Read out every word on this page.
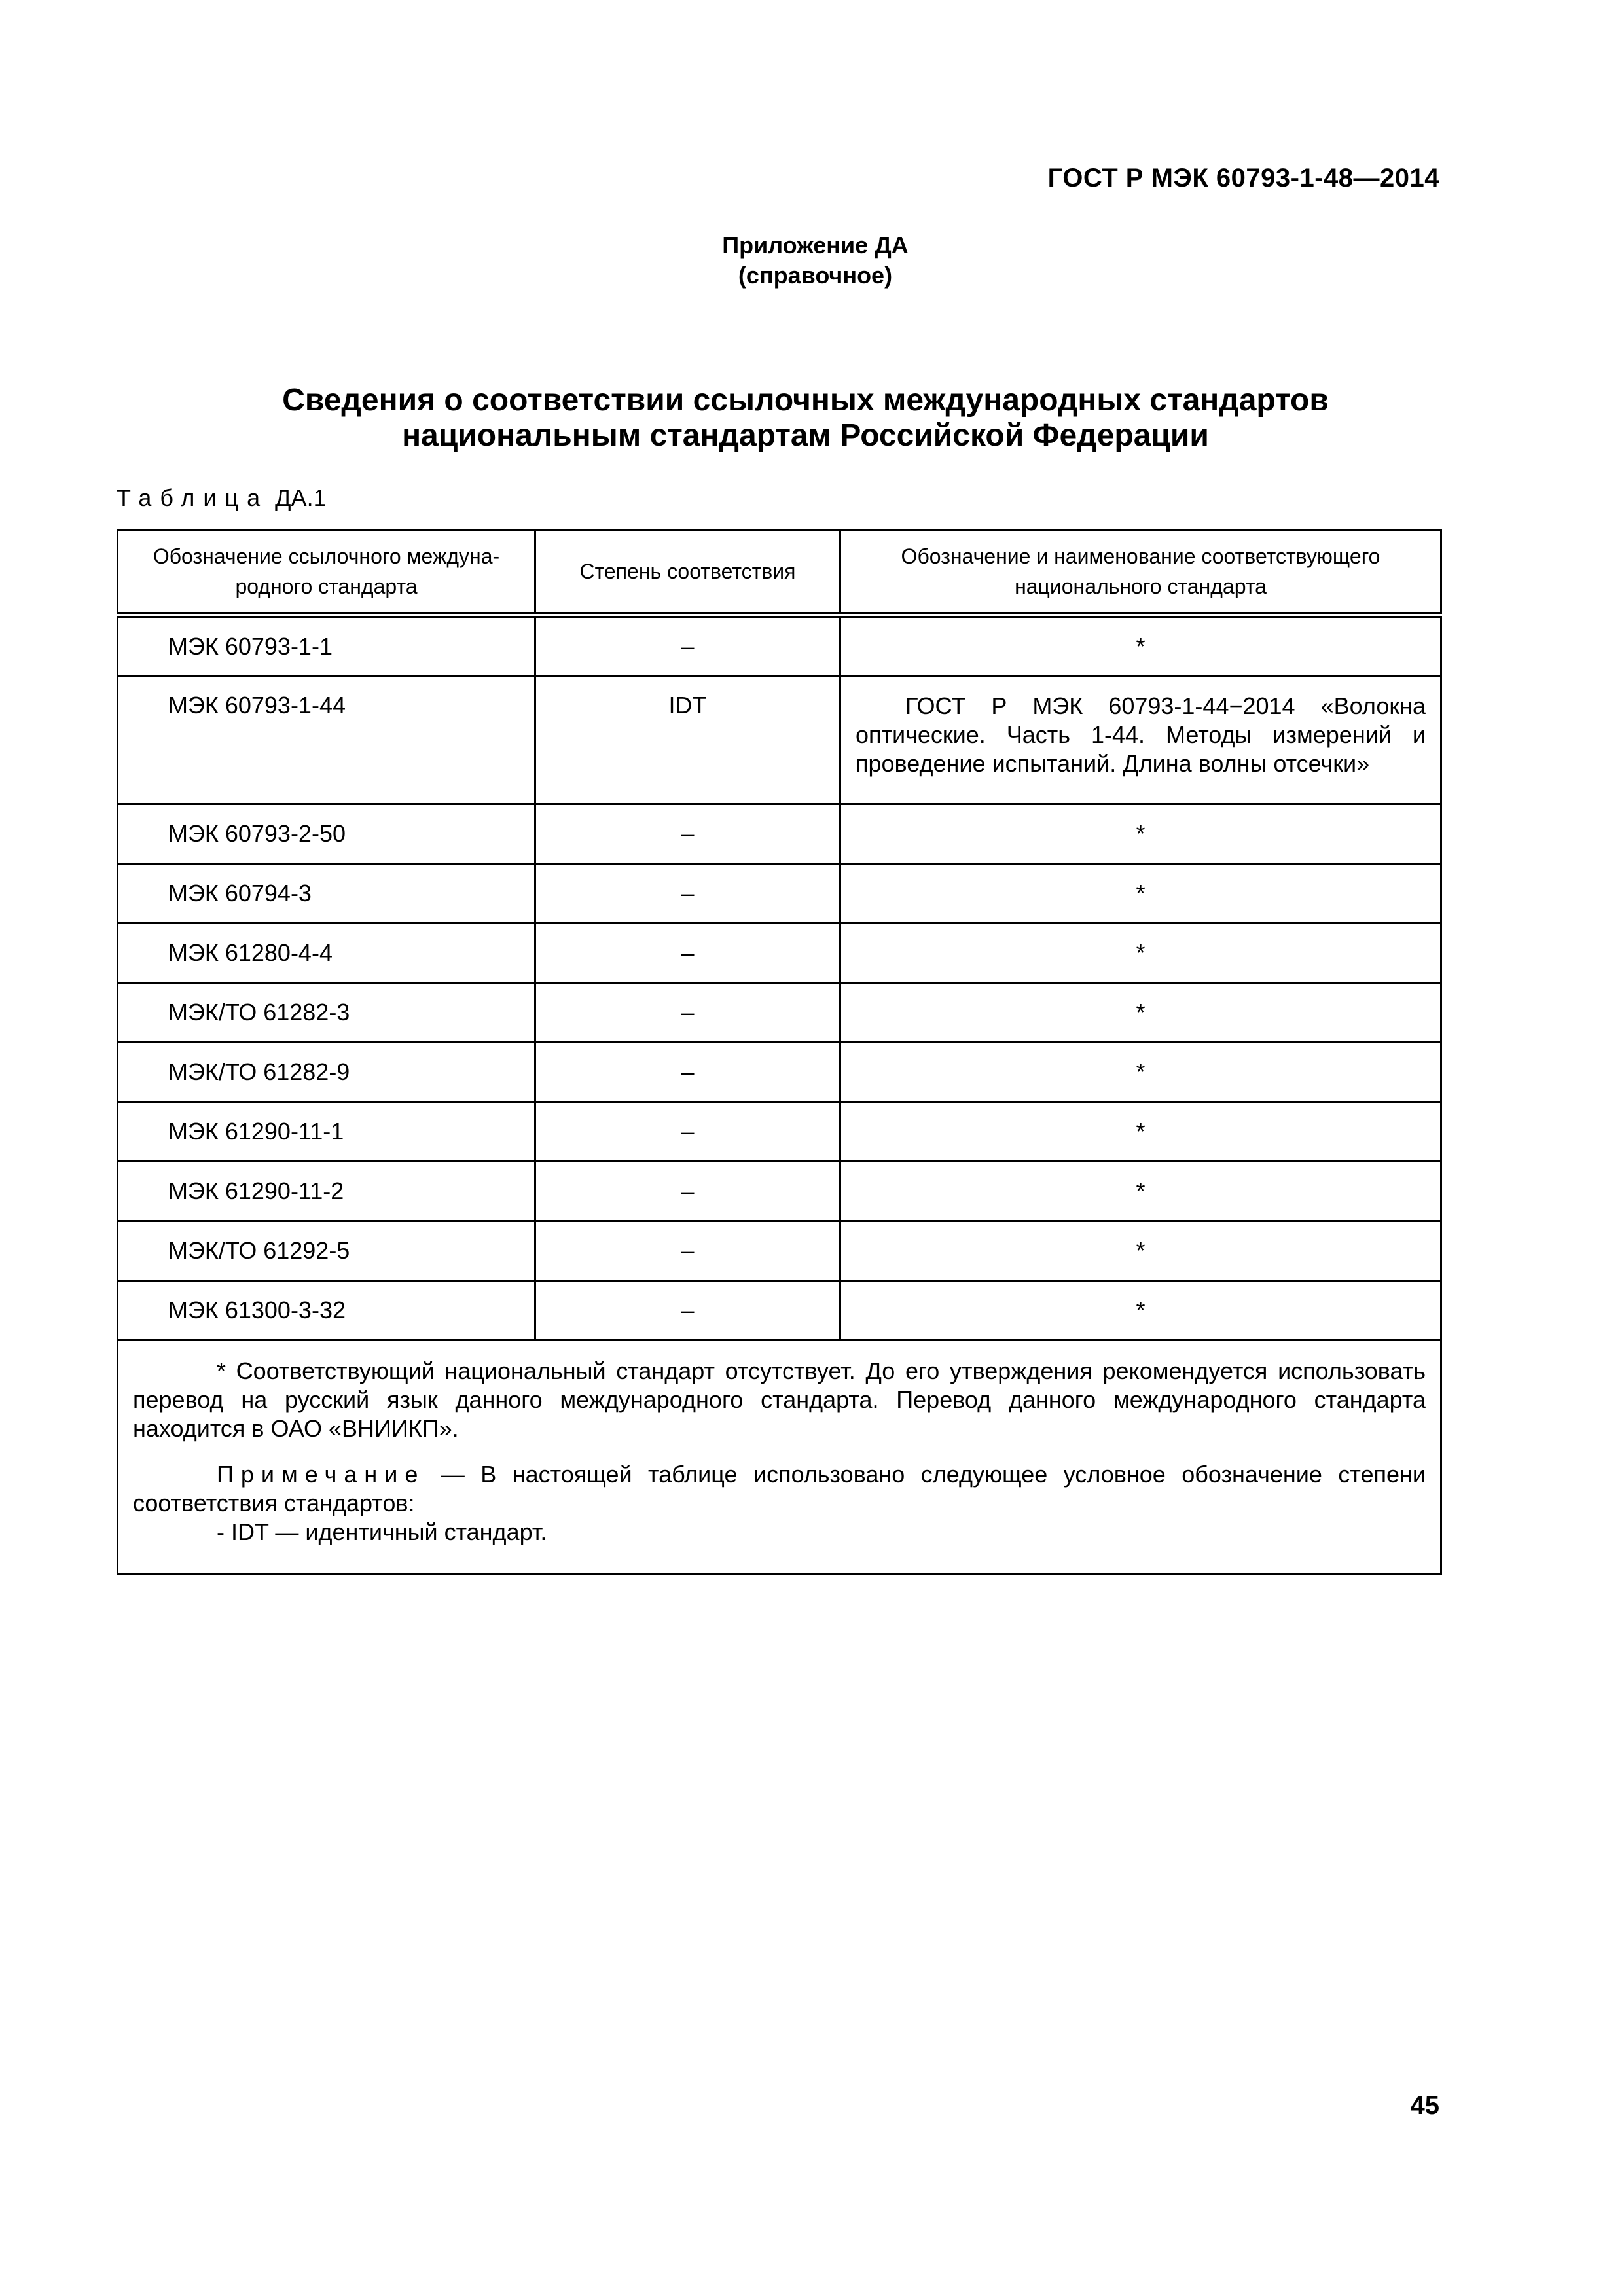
ГОСТ Р МЭК 60793-1-48—2014
Приложение ДА
(справочное)
Сведения о соответствии ссылочных международных стандартов
национальным стандартам Российской Федерации
Таблица ДА.1
Обозначение ссылочного междуна-родного стандарта	Степень соответствия	Обозначение и наименование соответствующего национального стандарта
МЭК 60793-1-1	–	*
МЭК 60793-1-44	IDT	ГОСТ Р МЭК 60793-1-44−2014 «Волокна оптические. Часть 1-44. Методы измерений и проведение испытаний. Длина волны отсечки»
МЭК 60793-2-50	–	*
МЭК 60794-3	–	*
МЭК 61280-4-4	–	*
МЭК/ТО 61282-3	–	*
МЭК/ТО 61282-9	–	*
МЭК 61290-11-1	–	*
МЭК 61290-11-2	–	*
МЭК/ТО 61292-5	–	*
МЭК 61300-3-32	–	*

* Соответствующий национальный стандарт отсутствует. До его утверждения рекомендуется использовать перевод на русский язык данного международного стандарта. Перевод данного международного стандарта находится в ОАО «ВНИИКП».

Примечание — В настоящей таблице использовано следующее условное обозначение степени соответствия стандартов:

- IDT — идентичный стандарт.		

45
